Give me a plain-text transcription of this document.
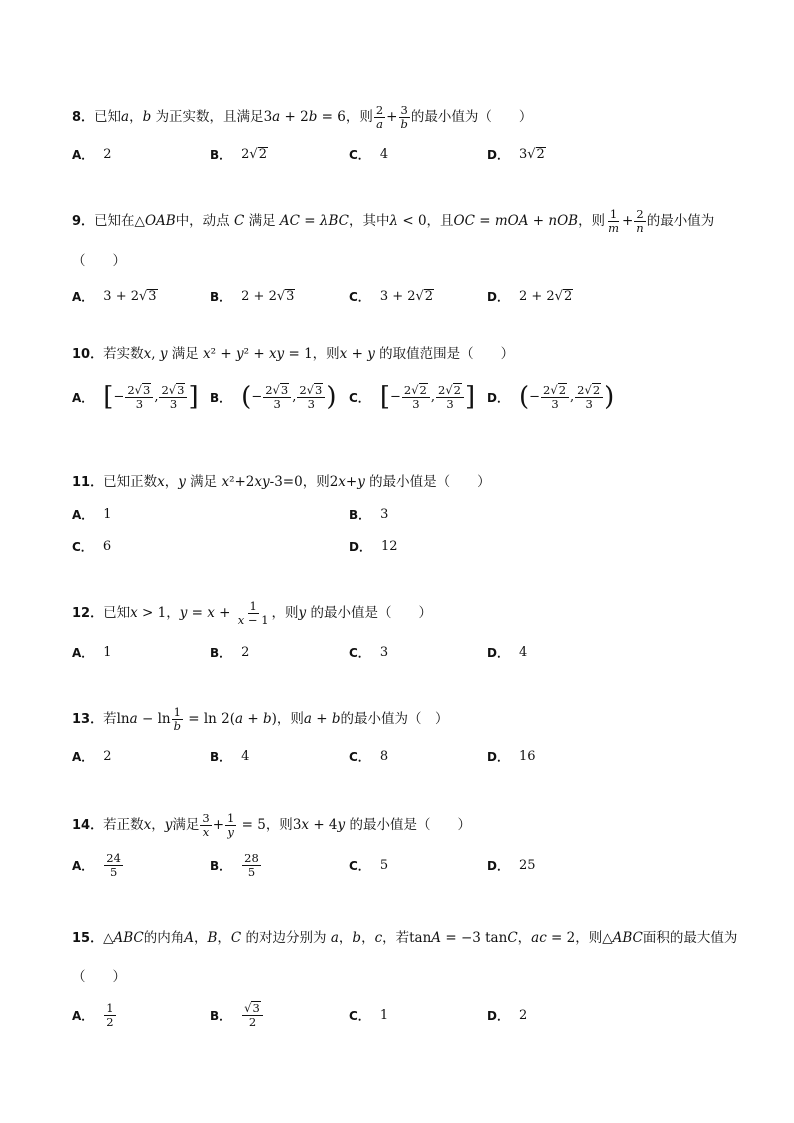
8．已知a，b 为正实数，且满足3a + 2b = 6，则 $\frac{2}{a} + \frac{3}{b}$ 的最小值为（　　）
A． 2	B． 2√2	C． 4	D． 3√2
9．已知在△OAB中，动点 C 满足 AC = λBC，其中λ < 0，且OC = mOA + nOB，则 $\frac{1}{m} + \frac{2}{n}$ 的最小值为
（　　）
A． 3 + 2√3	B． 2 + 2√3	C． 3 + 2√2	D． 2 + 2√2
10．若实数x, y 满足 x² + y² + xy = 1，则x + y 的取值范围是（　　）
A． [− $\frac{2√3}{3}$ , $\frac{2√3}{3}$ ] B． (− $\frac{2√3}{3}$ , $\frac{2√3}{3}$ ) C． [− $\frac{2√2}{3}$ , $\frac{2√2}{3}$ ] D． (− $\frac{2√2}{3}$ , $\frac{2√2}{3}$ )
11．已知正数x，y 满足 x²+2xy-3=0，则2x+y 的最小值是（　　）
A． 1	B． 3
C． 6	D． 12
12．已知x > 1，$y = x + \frac{1}{x - 1}$ ，则y 的最小值是（　　）
A． 1	B． 2	C． 3	D． 4
13．若$\ln a - \ln \frac{1}{b} = \ln 2(a + b)$，则a + b的最小值为（　）
A． 2	B． 4	C． 8	D． 16
14．若正数x，y满足 $\frac{3}{x} + \frac{1}{y} = 5$，则3x + 4y 的最小值是（　　）
A． $\frac{24}{5}$	B． $\frac{28}{5}$	C． 5	D． 25
15．△ABC的内角A，B，C 的对边分别为 a，b，c，若tanA = −3 tanC，ac = 2，则△ABC面积的最大值为
（　　）
A． $\frac{1}{2}$	B． $\frac{√3}{2}$	C． 1	D． 2
